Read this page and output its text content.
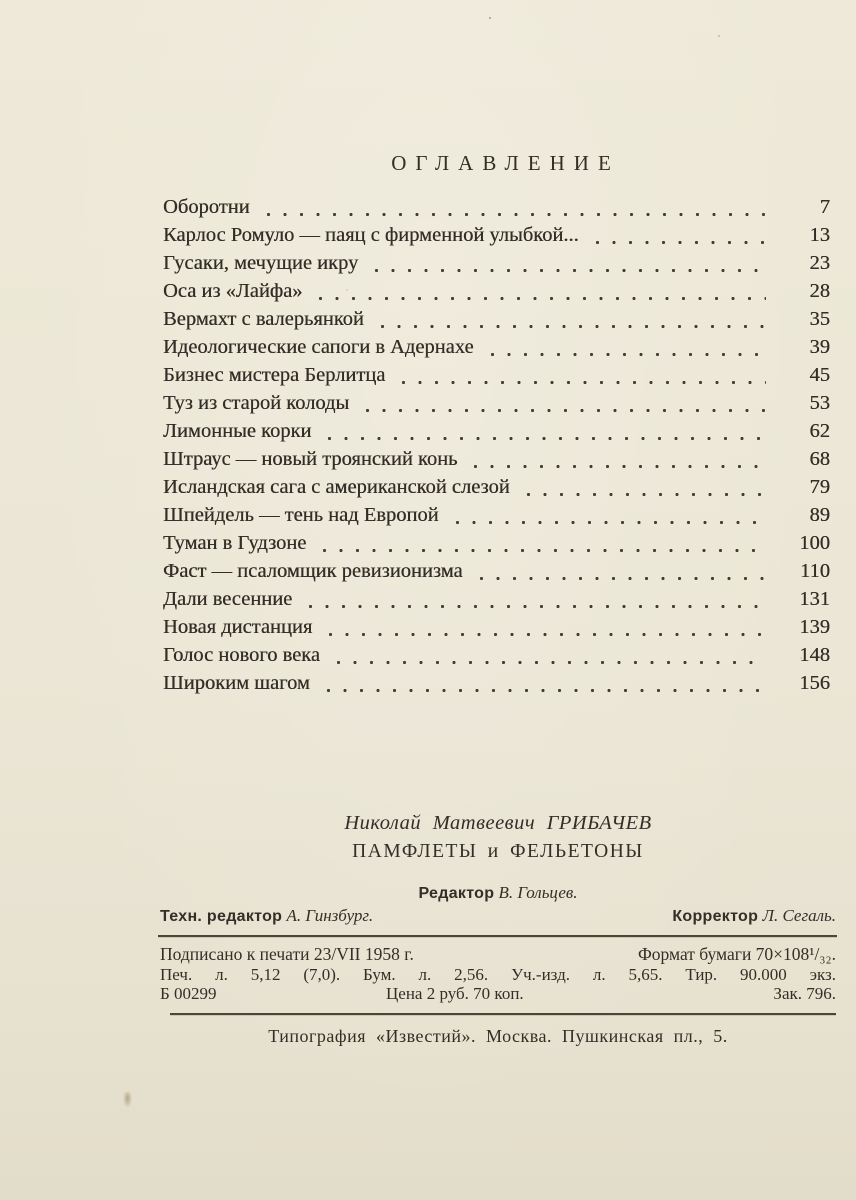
ОГЛАВЛЕНИЕ
Оборотни	7
Карлос Ромуло — паяц с фирменной улыбкой...	13
Гусаки, мечущие икру	23
Оса из «Лайфа»	28
Вермахт с валерьянкой	35
Идеологические сапоги в Адернахе	39
Бизнес мистера Берлитца	45
Туз из старой колоды	53
Лимонные корки	62
Штраус — новый троянский конь	68
Исландская сага с американской слезой	79
Шпейдель — тень над Европой	89
Туман в Гудзоне	100
Фаст — псаломщик ревизионизма	110
Дали весенние	131
Новая дистанция	139
Голос нового века	148
Широким шагом	156
Николай Матвеевич ГРИБАЧЕВ
ПАМФЛЕТЫ и ФЕЛЬЕТОНЫ
Редактор В. Гольцев.
Техн. редактор А. Гинзбург.	Корректор Л. Сегаль.
Подписано к печати 23/VII 1958 г.	Формат бумаги 70×108¹/₃₂.
Печ. л. 5,12 (7,0). Бум. л. 2,56. Уч.-изд. л. 5,65. Тир. 90.000 экз.
Б 00299	Цена 2 руб. 70 коп.	Зак. 796.
Типография «Известий». Москва. Пушкинская пл., 5.
